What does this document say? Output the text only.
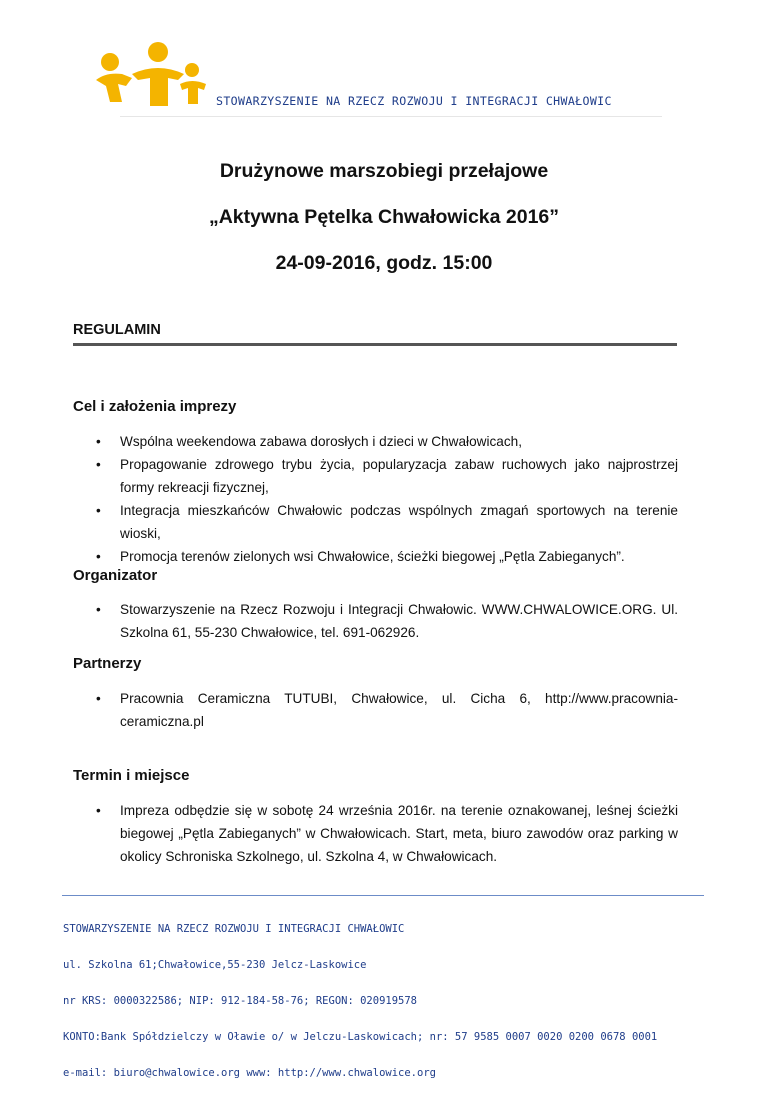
STOWARZYSZENIE NA RZECZ ROZWOJU I INTEGRACJI CHWAŁOWIC
Drużynowe marszobiegi przełajowe
„Aktywna Pętelka Chwałowicka 2016”
24-09-2016, godz. 15:00
REGULAMIN
Cel i założenia imprezy
• Wspólna weekendowa zabawa dorosłych i dzieci w Chwałowicach,
• Propagowanie zdrowego trybu życia, popularyzacja zabaw ruchowych jako najprostrzej formy rekreacji fizycznej,
• Integracja mieszkańców Chwałowic podczas wspólnych zmagań sportowych na terenie wioski,
• Promocja terenów zielonych wsi Chwałowice, ścieżki biegowej „Pętla Zabieganych”.
Organizator
• Stowarzyszenie na Rzecz Rozwoju i Integracji Chwałowic. WWW.CHWALOWICE.ORG. Ul. Szkolna 61, 55-230 Chwałowice, tel. 691-062926.
Partnerzy
• Pracownia Ceramiczna TUTUBI, Chwałowice, ul. Cicha 6, http://www.pracownia-ceramiczna.pl
Termin i miejsce
• Impreza odbędzie się w sobotę 24 września 2016r. na terenie oznakowanej, leśnej ścieżki biegowej „Pętla Zabieganych” w Chwałowicach. Start, meta, biuro zawodów oraz parking w okolicy Schroniska Szkolnego, ul. Szkolna 4, w Chwałowicach.

STOWARZYSZENIE NA RZECZ ROZWOJU I INTEGRACJI CHWAŁOWIC

ul. Szkolna 61;Chwałowice,55-230 Jelcz-Laskowice

nr KRS: 0000322586; NIP: 912-184-58-76; REGON: 020919578

KONTO:Bank Spółdzielczy w Oławie o/ w Jelczu-Laskowicach; nr: 57 9585 0007 0020 0200 0678 0001

e-mail: biuro@chwalowice.org www: http://www.chwalowice.org
